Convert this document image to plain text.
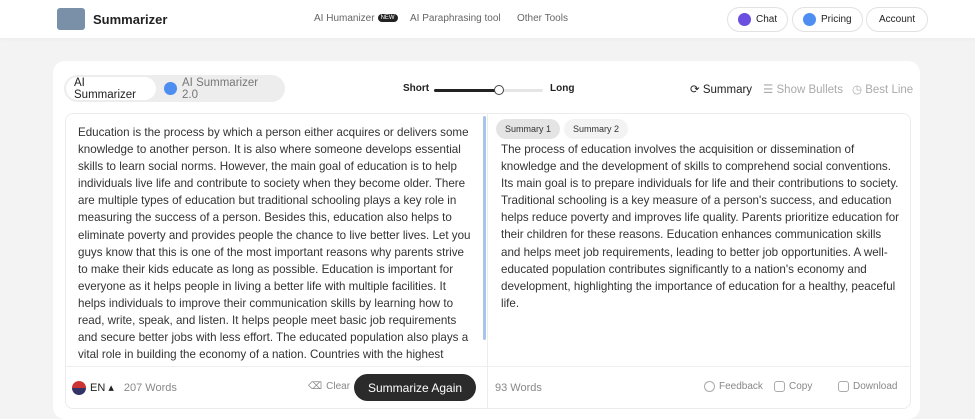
Summarizer	AI Humanizer NEW	AI Paraphrasing tool Other Tools	Chat	Pricing	Account
AI Summarizer
AI Summarizer 2.0	Short	Long	⟳ Summary ☰ Show Bullets ◷ Best Line
Education is the process by which a person either acquires or delivers some knowledge to another person. It is also where someone develops essential skills to learn social norms. However, the main goal of education is to help individuals live life and contribute to society when they become older. There are multiple types of education but traditional schooling plays a key role in measuring the success of a person. Besides this, education also helps to eliminate poverty and provides people the chance to live better lives. Let you guys know that this is one of the most important reasons why parents strive to make their kids educate as long as possible. Education is important for everyone as it helps people in living a better life with multiple facilities. It helps individuals to improve their communication skills by learning how to read, write, speak, and listen. It helps people meet basic job requirements and secure better jobs with less effort. The educated population also plays a vital role in building the economy of a nation. Countries with the highest
EN ▴ 207 Words	⌫ Clear	Summarize Again
Summary 1	Summary 2
The process of education involves the acquisition or dissemination of knowledge and the development of skills to comprehend social conventions. Its main goal is to prepare individuals for life and their contributions to society. Traditional schooling is a key measure of a person's success, and education helps reduce poverty and improves life quality. Parents prioritize education for their children for these reasons. Education enhances communication skills and helps meet job requirements, leading to better job opportunities. A well-educated population contributes significantly to a nation's economy and development, highlighting the importance of education for a healthy, peaceful life.
93 Words	Feedback	Copy	Download
